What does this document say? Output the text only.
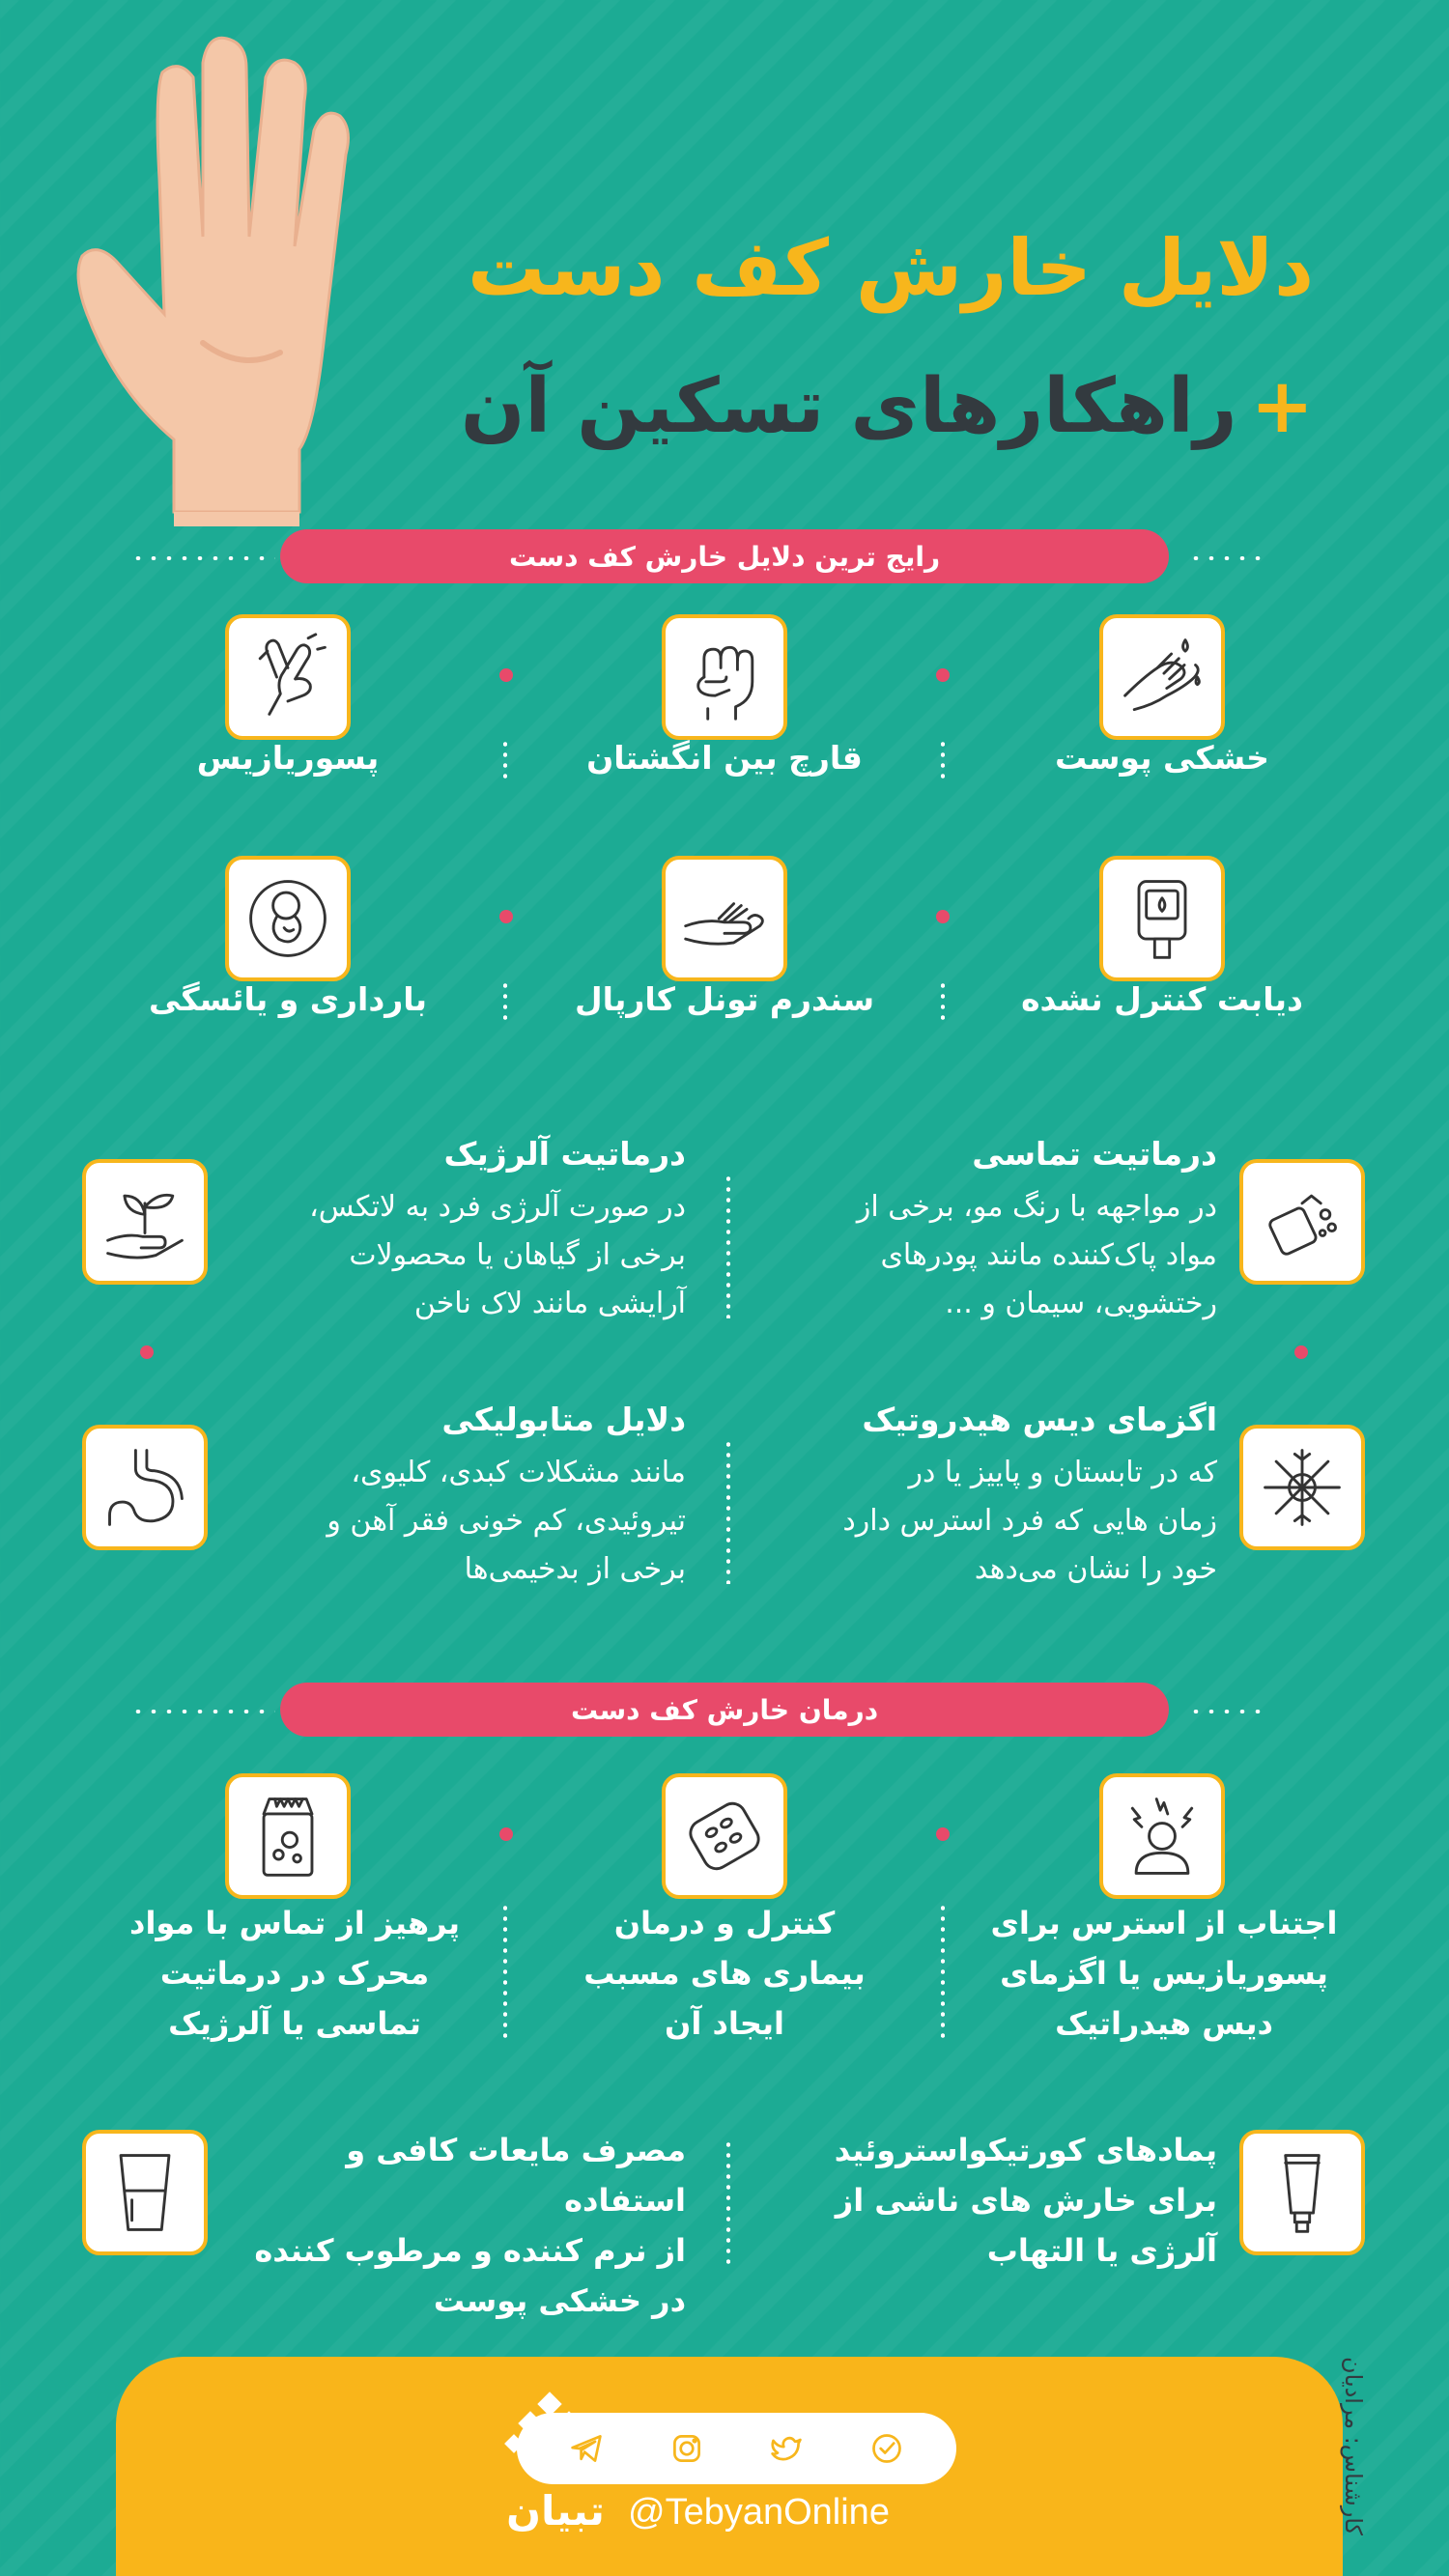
دلایل خارش کف دست
+راهکارهای تسکین آن
رایج ترین دلایل خارش کف دست
خشکی پوست
قارچ بین انگشتان
پسوریازیس
دیابت کنترل نشده
سندرم تونل کارپال
بارداری و یائسگی
درماتیت تماسی
در مواجهه با رنگ مو، برخی از
مواد پاک‌کننده مانند پودرهای
رختشویی، سیمان و ...
درماتیت آلرژیک
در صورت آلرژی فرد به لاتکس،
برخی از گیاهان یا محصولات
آرایشی مانند لاک ناخن
اگزمای دیس هیدروتیک
که در تابستان و پاییز یا در
زمان هایی که فرد استرس دارد
خود را نشان می‌دهد
دلایل متابولیکی
مانند مشکلات کبدی، کلیوی،
تیروئیدی، کم خونی فقر آهن و
برخی از بدخیمی‌ها
درمان خارش کف دست
اجتناب از استرس برای
پسوریازیس یا اگزمای
دیس هیدراتیک
کنترل و درمان
بیماری های مسبب
ایجاد آن
پرهیز از تماس با مواد
محرک در درماتیت
تماسی یا آلرژیک
پمادهای کورتیکواستروئید
برای خارش های ناشی از
آلرژی یا التهاب
مصرف مایعات کافی و استفاده
از نرم کننده و مرطوب کننده
در خشکی پوست
تبیان @TebyanOnline	کارشناس: مرادیان
